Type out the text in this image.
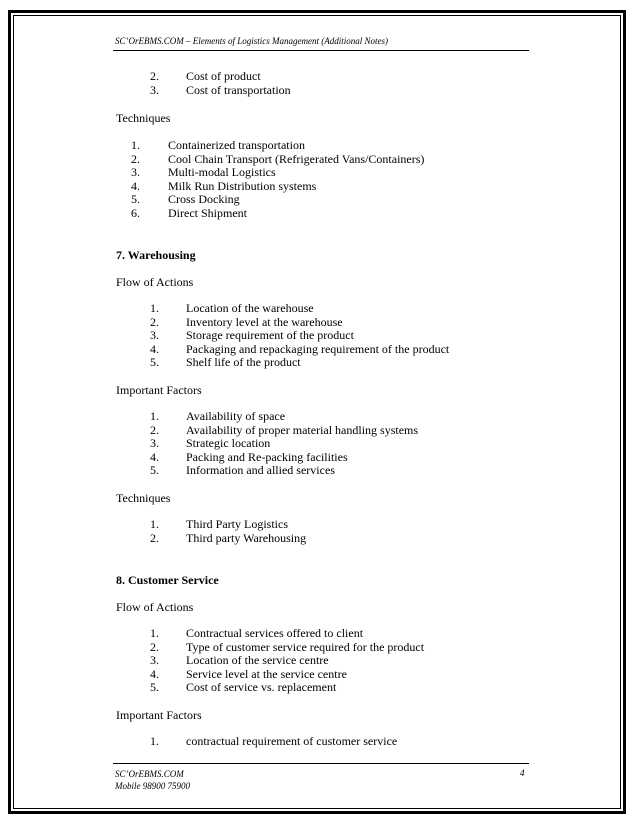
SC’OrEBMS.COM – Elements of Logistics Management (Additional Notes)
2. Cost of product
3. Cost of transportation
Techniques
1. Containerized transportation
2. Cool Chain Transport (Refrigerated Vans/Containers)
3. Multi-modal Logistics
4. Milk Run Distribution systems
5. Cross Docking
6. Direct Shipment
7. Warehousing
Flow of Actions
1. Location of the warehouse
2. Inventory level at the warehouse
3. Storage requirement of the product
4. Packaging and repackaging requirement of the product
5. Shelf life of the product
Important Factors
1. Availability of space
2. Availability of proper material handling systems
3. Strategic location
4. Packing and Re-packing facilities
5. Information and allied services
Techniques
1. Third Party Logistics
2. Third party Warehousing
8. Customer Service
Flow of Actions
1. Contractual services offered to client
2. Type of customer service required for the product
3. Location of the service centre
4. Service level at the service centre
5. Cost of service vs. replacement
Important Factors
1. contractual requirement of customer service
SC’OrEBMS.COM
Mobile 98900 75900
4
